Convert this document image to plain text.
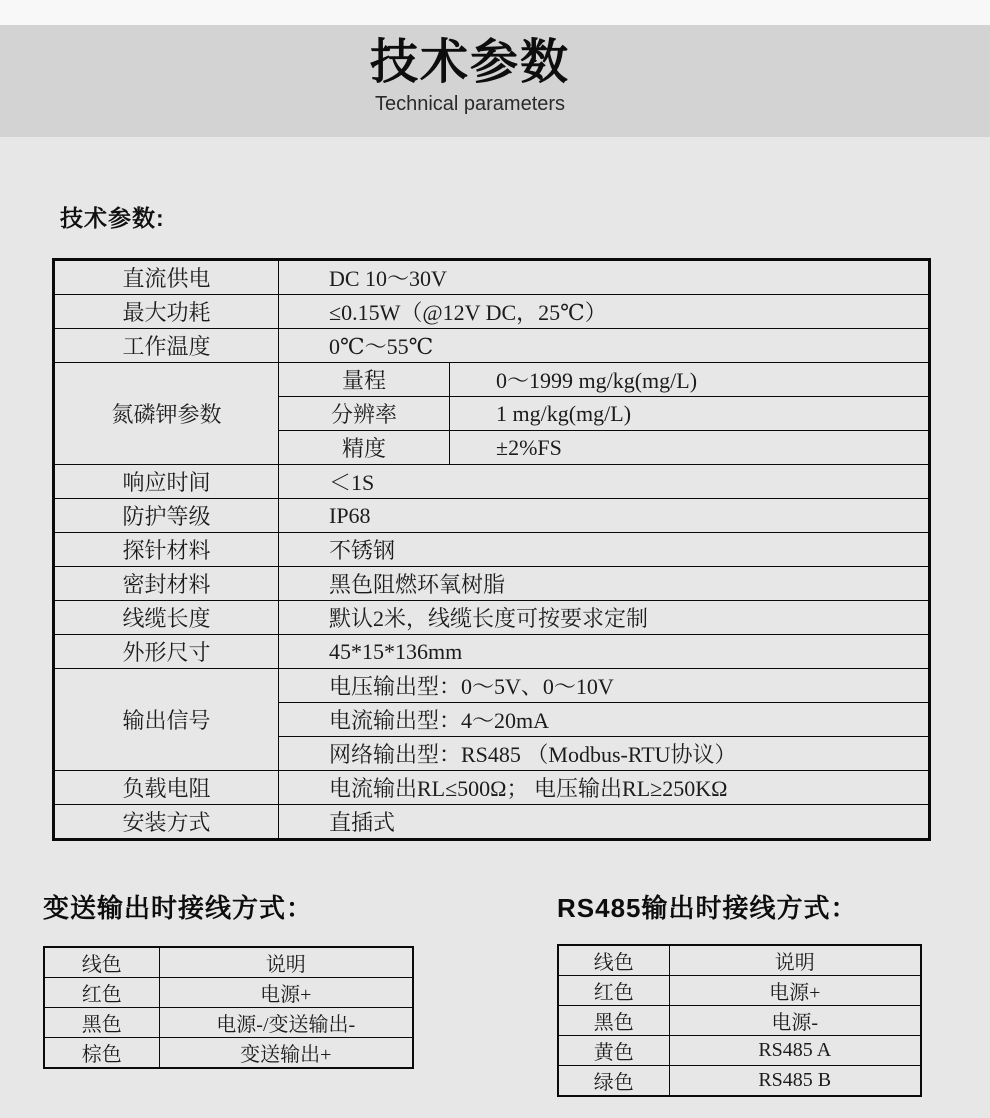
技术参数
Technical parameters
技术参数:
直流供电	DC 10～30V	
最大功耗	≤0.15W（@12V DC，25℃）	
工作温度	0℃～55℃	
氮磷钾参数	量程	0～1999 mg/kg(mg/L)
	分辨率	1 mg/kg(mg/L)
	精度	±2%FS
响应时间	＜1S	
防护等级	IP68	
探针材料	不锈钢	
密封材料	黑色阻燃环氧树脂	
线缆长度	默认2米，线缆长度可按要求定制	
外形尺寸	45*15*136mm	
输出信号	电压输出型：0～5V、0～10V	
	电流输出型：4～20mA	
	网络输出型：RS485 （Modbus-RTU协议）	
负载电阻	电流输出RL≤500Ω； 电压输出RL≥250KΩ	
安装方式	直插式	
变送输出时接线方式：	RS485输出时接线方式：
线色	说明
红色	电源+
黑色	电源-/变送输出-
棕色	变送输出+
线色	说明
红色	电源+
黑色	电源-
黄色	RS485 A
绿色	RS485 B
